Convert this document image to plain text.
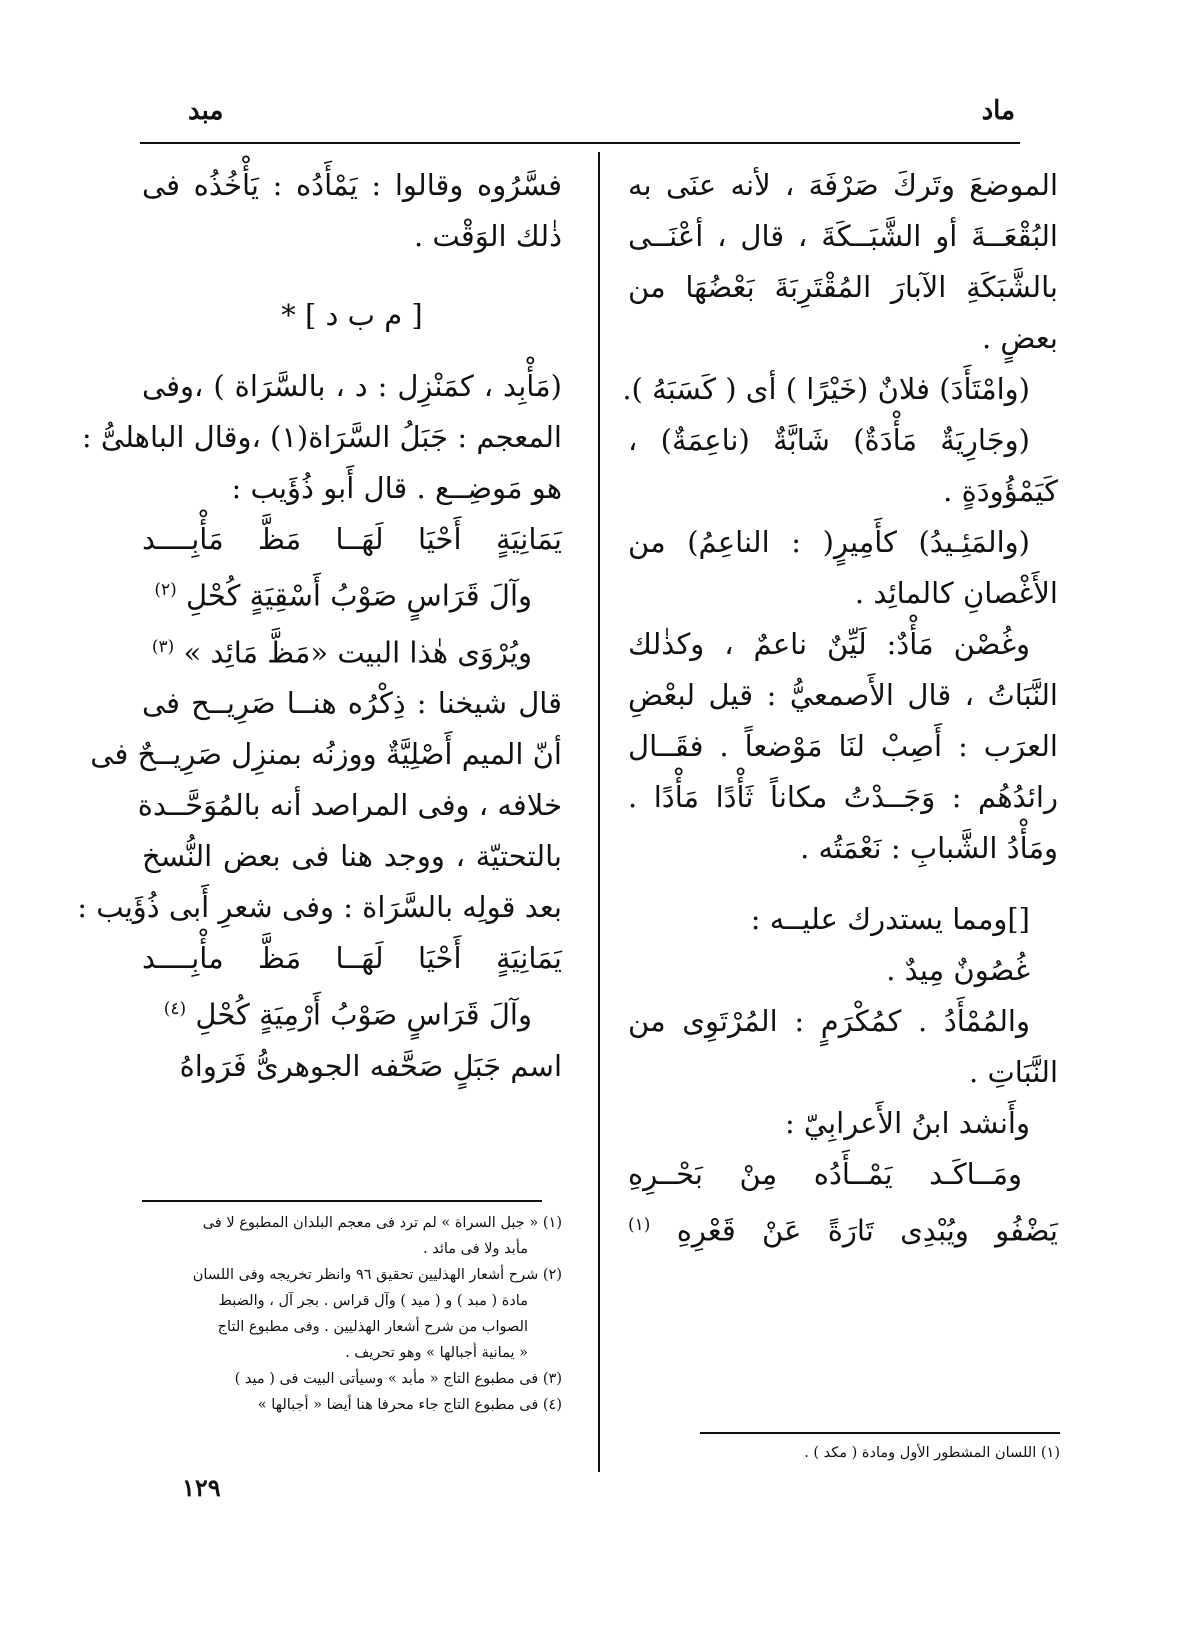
ماد
مبد
الموضعَ وتَركَ صَرْفَهَ ، لأنه عنَى به
البُقْعَــةَ أو الشَّبَــكَةَ ، قال ، أعْنَــى
بالشَّبَكَةِ الآبارَ المُقْتَرِبَةَ بَعْضُهَا من
بعضٍ .
(وامْتَأَدَ) فلانٌ (خَيْرًا ) أى ( كَسَبَهُ ).
(وجَارِيَةٌ مَأْدَةٌ) شَابَّةٌ (ناعِمَةٌ) ،
كَيَمْؤُودَةٍ .
(والمَئِـيدُ) كأَمِيرٍ( : الناعِمُ) من
الأَغْصانِ كالمائِد .
وغُصْن مَأْدٌ: لَيِّنٌ ناعمٌ ، وكذٰلك
النَّبَاتُ ، قال الأَصمعيُّ : قيل لبعْضِ
العرَب : أَصِبْ لنَا مَوْضعاً . فقَــال
رائدُهُم : وَجَــدْتُ مكاناً ثَأْدًا مَأْدًا .
ومَأْدُ الشَّبابِ : نَعْمَتُه .
[]ومما يستدرك عليــه :
غُصُونٌ مِيدٌ .
والمُمْأَدُ . كمُكْرَمٍ : المُرْتَوِى من
النَّبَاتِ .
وأَنشد ابنُ الأَعرابِيّ :
ومَــاكَـد يَمْــأَدُه مِنْ بَحْــرِهِ
يَضْفُو ويُبْدِى تَارَةً عَنْ قَعْرِهِ $^{(١)}$
فسَّرُوه وقالوا : يَمْأَدُه : يَأْخُذُه فى
ذٰلك الوَقْت .
[ م ب د ] *
(مَأْبِد ، كمَنْزِل : د ، بالسَّرَاة ) ،وفى
المعجم : جَبَلُ السَّرَاة(١) ،وقال الباهلىُّ :
هو مَوضِــع . قال أَبو ذُؤَيب :
يَمَانِيَةٍ أَحْيَا لَهَــا مَظَّ مَأْبِــــد
وآلَ قَرَاسٍ صَوْبُ أَسْقِيَةٍ كُحْلِ $^{(٢)}$
ويُرْوَى هٰذا البيت «مَظَّ مَائِد » $^{(٣)}$
قال شيخنا : ذِكْرُه هنــا صَرِيــح فى
أنّ الميم أَصْلِيَّةٌ ووزنُه بمنزِل صَرِيــحٌ فى
خلافه ، وفى المراصد أنه بالمُوَحَّــدة
بالتحتيّة ، ووجد هنا فى بعض النُّسخ
بعد قولِه بالسَّرَاة : وفى شعرِ أَبى ذُؤَيب :
يَمَانِيَةٍ أَحْيَا لَهَــا مَظَّ مأْبِــــد
وآلَ قَرَاسٍ صَوْبُ أَرْمِيَةٍ كُحْلِ $^{(٤)}$
اسم جَبَلٍ صَحَّفه الجوهرىُّ فَرَواهُ
(١) اللسان المشطور الأول ومادة ( مكد ) .
(١) « جبل السراة » لم ترد فى معجم البلدان المطبوع لا فى
مأبد ولا فى مائد .
(٢) شرح أشعار الهذليين تحقيق ٩٦ وانظر تخريجه وفى اللسان
مادة ( مبد ) و ( ميد ) وآل قراس . بجر آل ، والضبط
الصواب من شرح أشعار الهذليين . وفى مطبوع التاج
« يمانية أجبالها » وهو تحريف .
(٣) فى مطبوع التاج « مأبد » وسيأتى البيت فى ( ميد )
(٤) فى مطبوع التاج جاء محرفا هنا أيضا « أجبالها »
١٢٩
